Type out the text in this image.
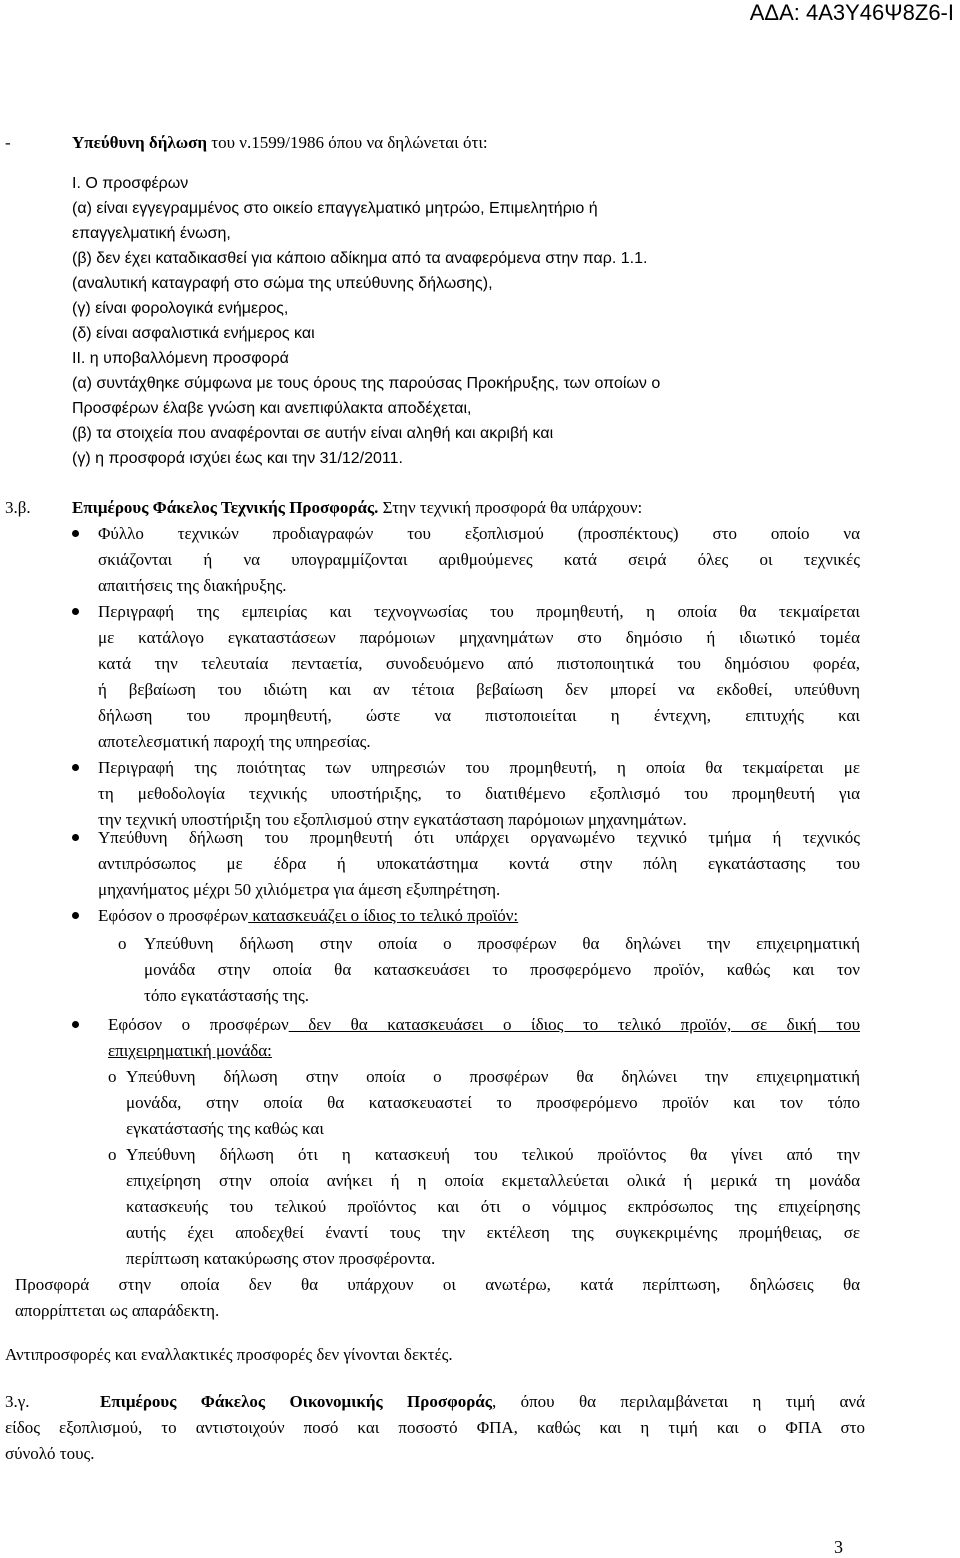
ΑΔΑ: 4Α3Υ46Ψ8Ζ6-Ι
-	Υπεύθυνη δήλωση του ν.1599/1986 όπου να δηλώνεται ότι:
Ι. Ο προσφέρων
(α) είναι εγγεγραμμένος στο οικείο επαγγελματικό μητρώο, Επιμελητήριο ή
επαγγελματική ένωση,
(β) δεν έχει καταδικασθεί για κάποιο αδίκημα από τα αναφερόμενα στην παρ. 1.1.
(αναλυτική καταγραφή στο σώμα της υπεύθυνης δήλωσης),
(γ) είναι φορολογικά ενήμερος,
(δ) είναι ασφαλιστικά ενήμερος και
ΙΙ. η υποβαλλόμενη προσφορά
(α) συντάχθηκε σύμφωνα με τους όρους της παρούσας Προκήρυξης, των οποίων ο
Προσφέρων έλαβε γνώση και ανεπιφύλακτα αποδέχεται,
(β) τα στοιχεία που αναφέρονται σε αυτήν είναι αληθή και ακριβή και
(γ) η προσφορά ισχύει έως και την 31/12/2011.
3.β. Επιμέρους Φάκελος Τεχνικής Προσφοράς. Στην τεχνική προσφορά θα υπάρχουν:
Φύλλο τεχνικών προδιαγραφών του εξοπλισμού (προσπέκτους) στο οποίο να
σκιάζονται ή να υπογραμμίζονται αριθμούμενες κατά σειρά όλες οι τεχνικές
απαιτήσεις της διακήρυξης.
Περιγραφή της εμπειρίας και τεχνογνωσίας του προμηθευτή, η οποία θα τεκμαίρεται
με κατάλογο εγκαταστάσεων παρόμοιων μηχανημάτων στο δημόσιο ή ιδιωτικό τομέα
κατά την τελευταία πενταετία, συνοδευόμενο από πιστοποιητικά του δημόσιου φορέα,
ή βεβαίωση του ιδιώτη και αν τέτοια βεβαίωση δεν μπορεί να εκδοθεί, υπεύθυνη
δήλωση του προμηθευτή, ώστε να πιστοποιείται η έντεχνη, επιτυχής και
αποτελεσματική παροχή της υπηρεσίας.
Περιγραφή της ποιότητας των υπηρεσιών του προμηθευτή, η οποία θα τεκμαίρεται με
τη μεθοδολογία τεχνικής υποστήριξης, το διατιθέμενο εξοπλισμό του προμηθευτή για
την τεχνική υποστήριξη του εξοπλισμού στην εγκατάσταση παρόμοιων μηχανημάτων.
Υπεύθυνη δήλωση του προμηθευτή ότι υπάρχει οργανωμένο τεχνικό τμήμα ή τεχνικός
αντιπρόσωπος με έδρα ή υποκατάστημα κοντά στην πόλη εγκατάστασης του
μηχανήματος μέχρι 50 χιλιόμετρα για άμεση εξυπηρέτηση.
Εφόσον ο προσφέρων κατασκευάζει ο ίδιος το τελικό προϊόν:
o Υπεύθυνη δήλωση στην οποία ο προσφέρων θα δηλώνει την επιχειρηματική
μονάδα στην οποία θα κατασκευάσει το προσφερόμενο προϊόν, καθώς και τον
τόπο εγκατάστασής της.
Εφόσον ο προσφέρων δεν θα κατασκευάσει ο ίδιος το τελικό προϊόν, σε δική του
επιχειρηματική μονάδα:
o Υπεύθυνη δήλωση στην οποία ο προσφέρων θα δηλώνει την επιχειρηματική
μονάδα, στην οποία θα κατασκευαστεί το προσφερόμενο προϊόν και τον τόπο
εγκατάστασής της καθώς και
o Υπεύθυνη δήλωση ότι η κατασκευή του τελικού προϊόντος θα γίνει από την
επιχείρηση στην οποία ανήκει ή η οποία εκμεταλλεύεται ολικά ή μερικά τη μονάδα
κατασκευής του τελικού προϊόντος και ότι ο νόμιμος εκπρόσωπος της επιχείρησης
αυτής έχει αποδεχθεί έναντί τους την εκτέλεση της συγκεκριμένης προμήθειας, σε
περίπτωση κατακύρωσης στον προσφέροντα.
Προσφορά στην οποία δεν θα υπάρχουν οι ανωτέρω, κατά περίπτωση, δηλώσεις θα
απορρίπτεται ως απαράδεκτη.
Αντιπροσφορές και εναλλακτικές προσφορές δεν γίνονται δεκτές.
3.γ.	Επιμέρους Φάκελος Οικονομικής Προσφοράς, όπου θα περιλαμβάνεται η τιμή ανά
είδος εξοπλισμού, το αντιστοιχούν ποσό και ποσοστό ΦΠΑ, καθώς και η τιμή και ο ΦΠΑ στο
σύνολό τους.
3
